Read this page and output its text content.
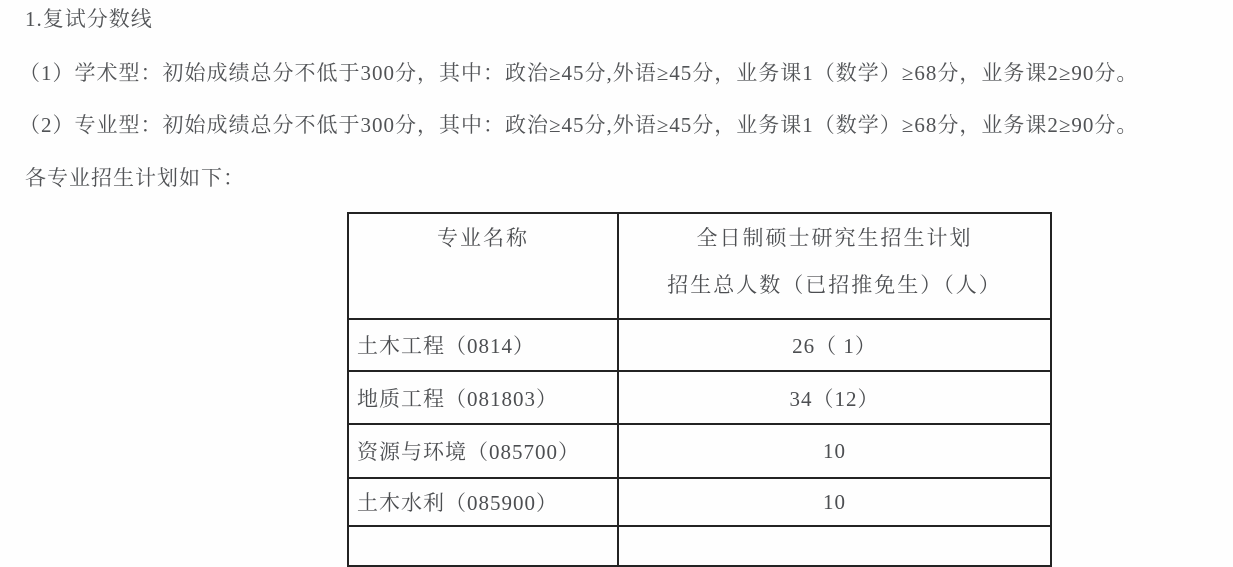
1.复试分数线

（1）学术型：初始成绩总分不低于300分，其中：政治≥45分,外语≥45分，业务课1（数学）≥68分，业务课2≥90分。

（2）专业型：初始成绩总分不低于300分，其中：政治≥45分,外语≥45分，业务课1（数学）≥68分，业务课2≥90分。

各专业招生计划如下：

专业名称	全日制硕士研究生招生计划
招生总人数（已招推免生）（人）

土木工程（0814）	26（ 1）
地质工程（081803）	34（12）
资源与环境（085700）	10
土木水利（085900）	10
